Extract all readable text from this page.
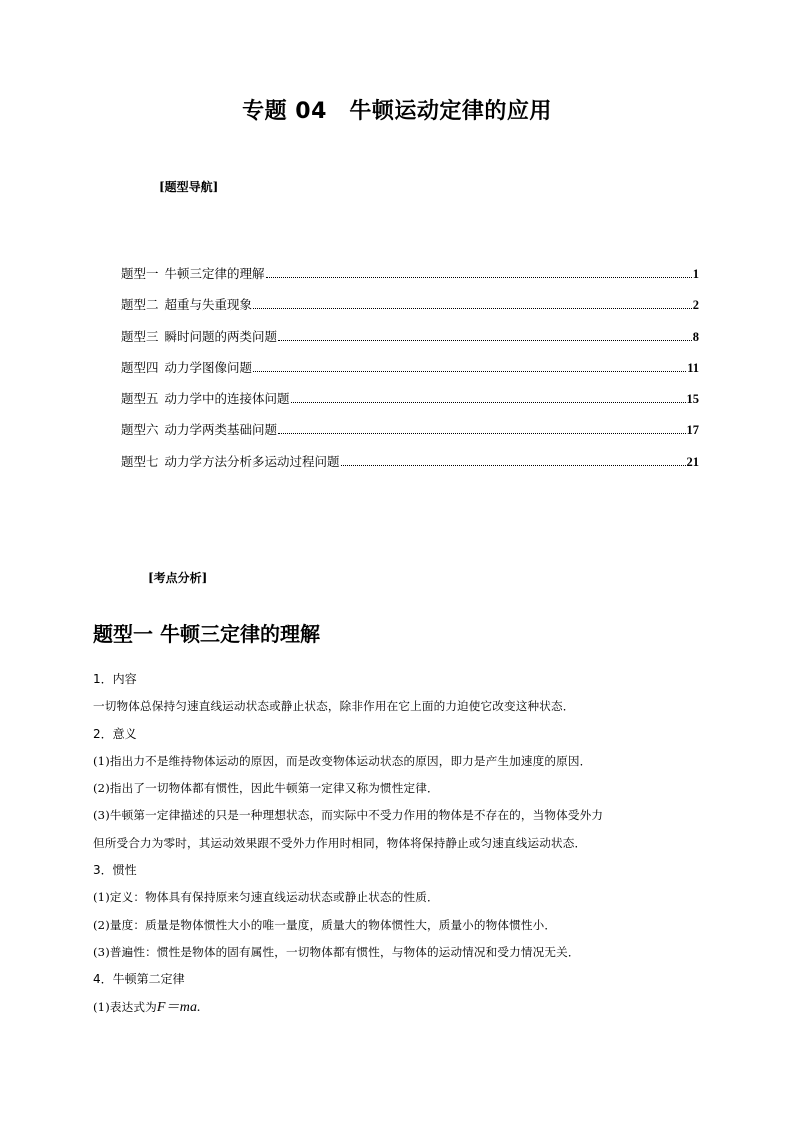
专题 04　牛顿运动定律的应用
[题型导航]
题型一 牛顿三定律的理解	1
题型二 超重与失重现象	2
题型三 瞬时问题的两类问题	8
题型四 动力学图像问题	11
题型五 动力学中的连接体问题	15
题型六 动力学两类基础问题	17
题型七 动力学方法分析多运动过程问题	21
[考点分析]
题型一 牛顿三定律的理解
1．内容
一切物体总保持匀速直线运动状态或静止状态，除非作用在它上面的力迫使它改变这种状态．
2．意义
(1)指出力不是维持物体运动的原因，而是改变物体运动状态的原因，即力是产生加速度的原因．
(2)指出了一切物体都有惯性，因此牛顿第一定律又称为惯性定律．
(3)牛顿第一定律描述的只是一种理想状态，而实际中不受力作用的物体是不存在的，当物体受外力
但所受合力为零时，其运动效果跟不受外力作用时相同，物体将保持静止或匀速直线运动状态．
3．惯性
(1)定义：物体具有保持原来匀速直线运动状态或静止状态的性质．
(2)量度：质量是物体惯性大小的唯一量度，质量大的物体惯性大，质量小的物体惯性小．
(3)普遍性：惯性是物体的固有属性，一切物体都有惯性，与物体的运动情况和受力情况无关．
4．牛顿第二定律
(1)表达式为F＝ma.
